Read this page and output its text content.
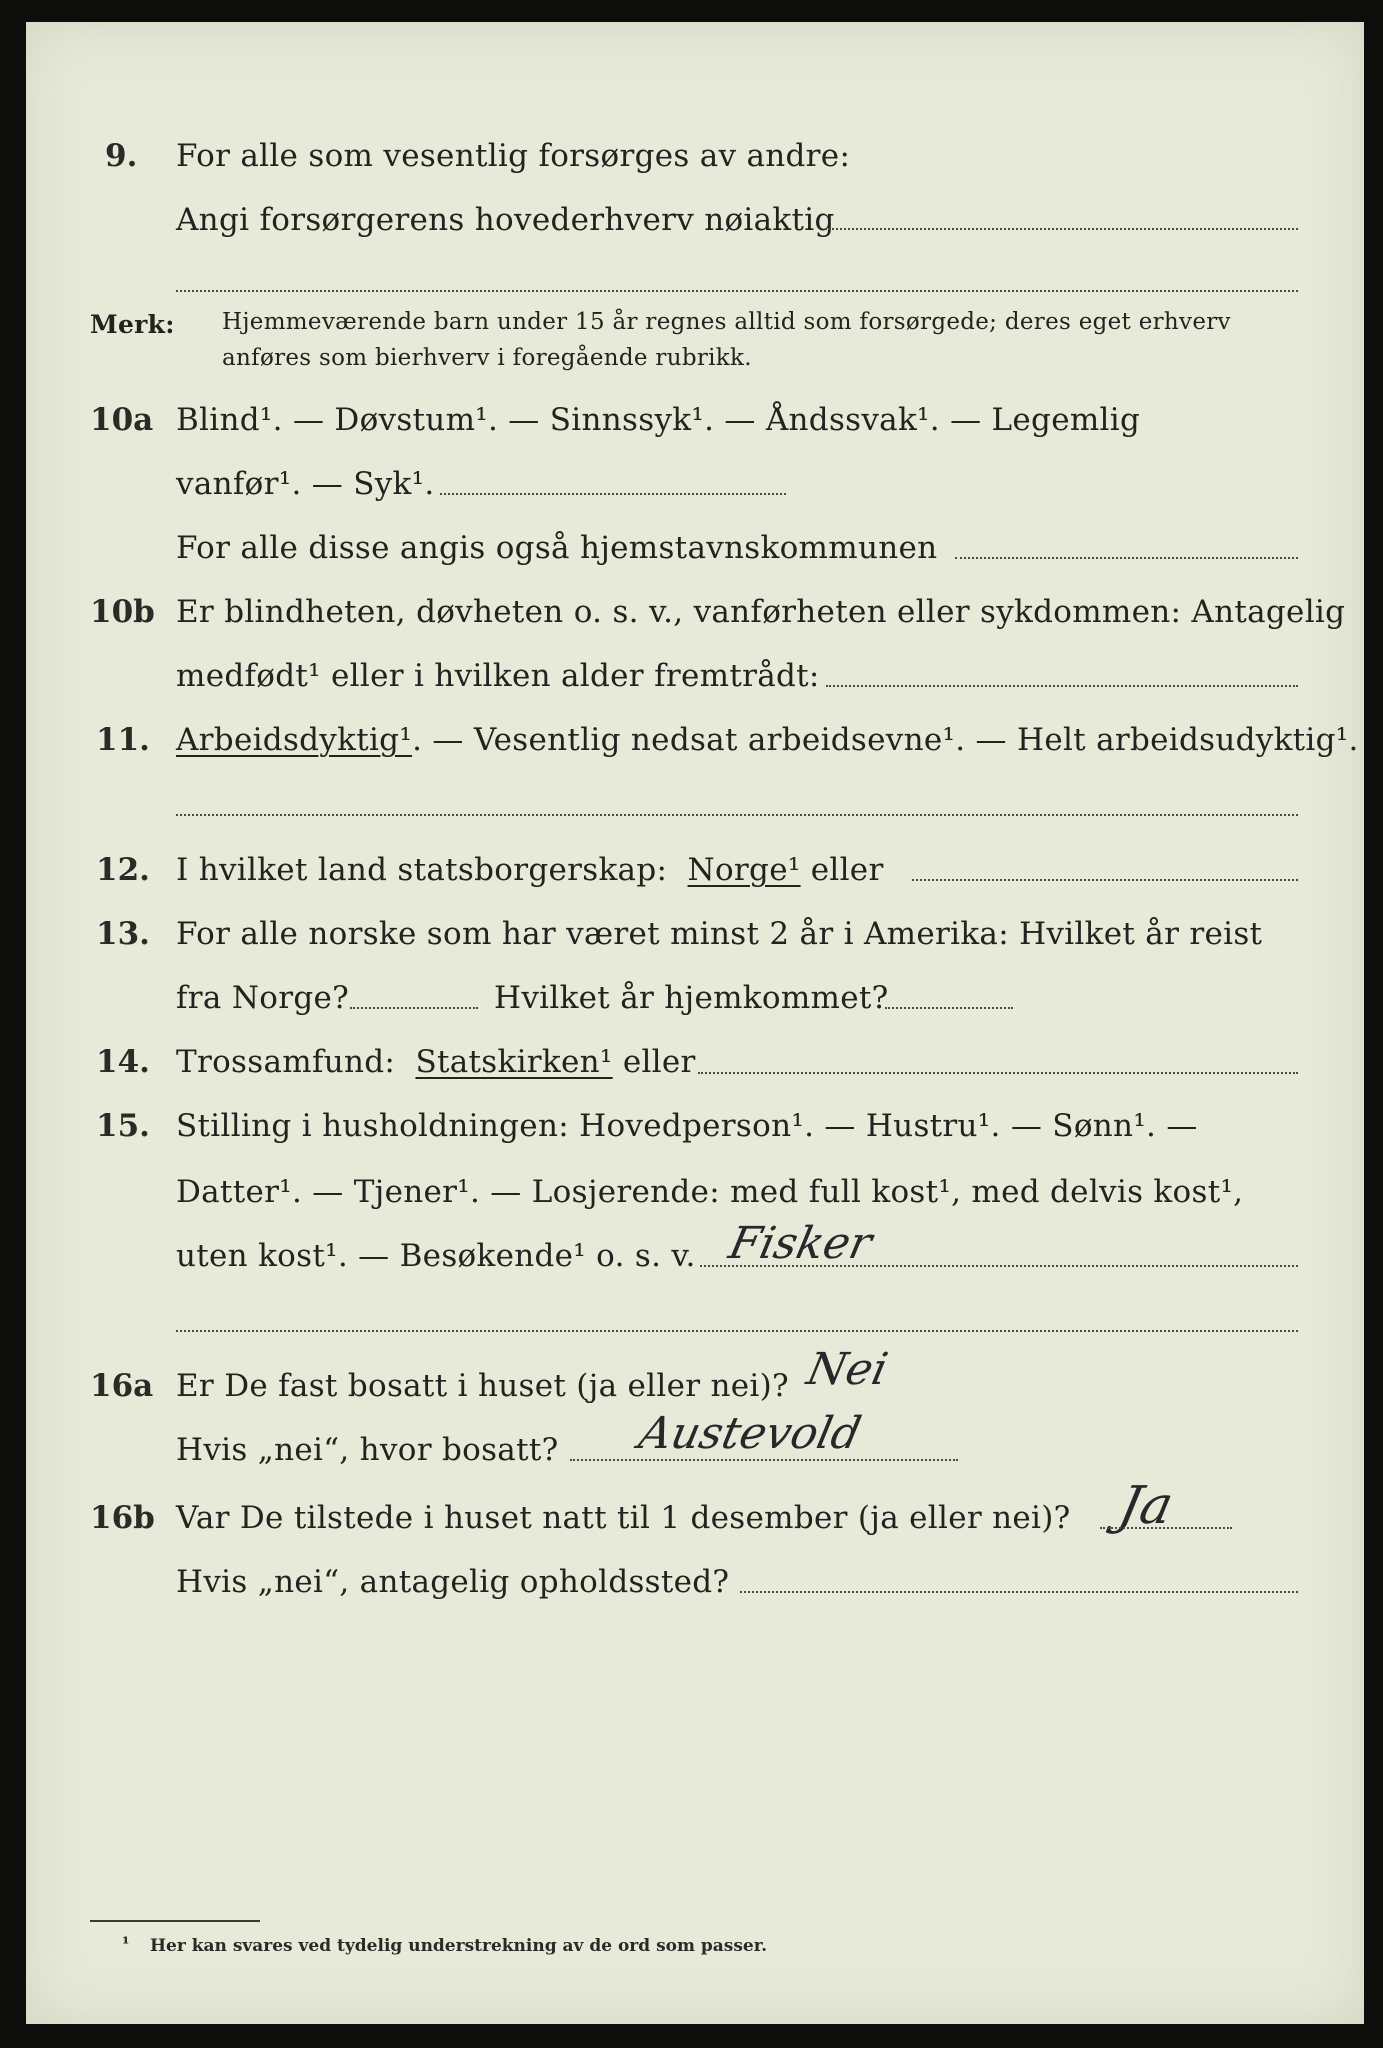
9. For alle som vesentlig forsørges av andre:
Angi forsørgerens hovederhverv nøiaktig
Merk: Hjemmeværende barn under 15 år regnes alltid som forsørgede; deres eget erhverv
anføres som bierhverv i foregående rubrikk.
10a Blind¹. — Døvstum¹. — Sinnssyk¹. — Åndssvak¹. — Legemlig
vanfør¹. — Syk¹.
For alle disse angis også hjemstavnskommunen
10b Er blindheten, døvheten o. s. v., vanførheten eller sykdommen: Antagelig
medfødt¹ eller i hvilken alder fremtrådt:
11. Arbeidsdyktig¹. — Vesentlig nedsat arbeidsevne¹. — Helt arbeidsudyktig¹.
12. I hvilket land statsborgerskap: Norge¹ eller
13. For alle norske som har været minst 2 år i Amerika: Hvilket år reist
fra Norge?	Hvilket år hjemkommet?
14. Trossamfund: Statskirken¹ eller
15. Stilling i husholdningen: Hovedperson¹. — Hustru¹. — Sønn¹. —
Datter¹. — Tjener¹. — Losjerende: med full kost¹, med delvis kost¹,
uten kost¹. — Besøkende¹ o. s. v. Fisker
16a Er De fast bosatt i huset (ja eller nei)? Nei
Hvis „nei“, hvor bosatt? Austevold
16b Var De tilstede i huset natt til 1 desember (ja eller nei)? Ja
Hvis „nei“, antagelig opholdssted?
¹ Her kan svares ved tydelig understrekning av de ord som passer.
